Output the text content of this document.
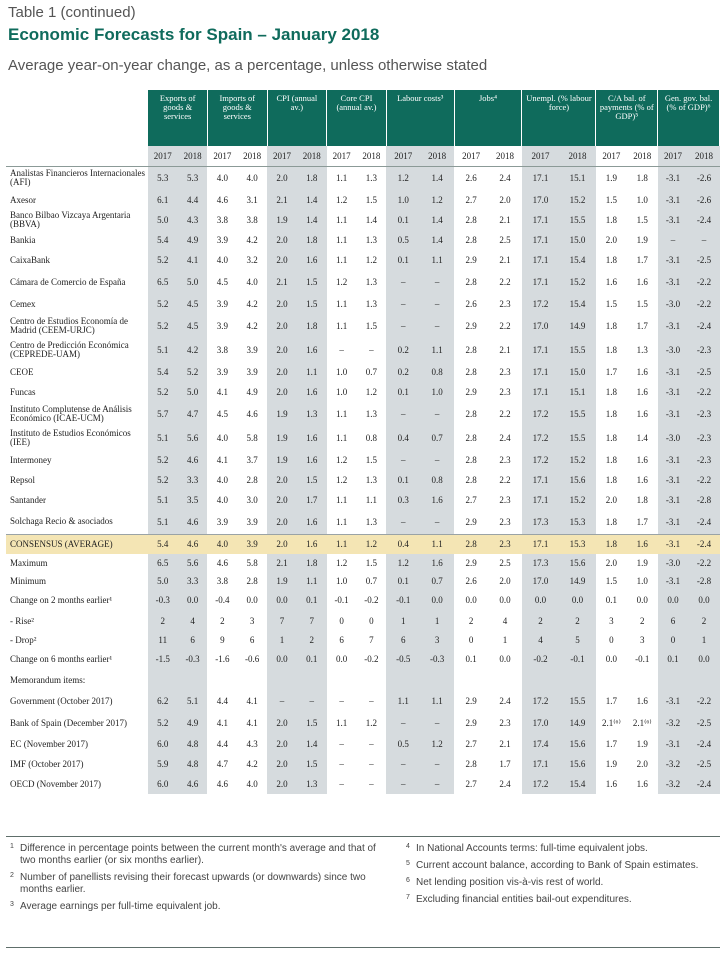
Table 1 (continued)
Economic Forecasts for Spain – January 2018
Average year-on-year change, as a percentage, unless otherwise stated
	Exports of goods & services		Imports of goods & services		CPI (annual av.)		Core CPI (annual av.)		Labour costs³		Jobs⁴		Unempl. (% labour force)		C/A bal. of payments (% of GDP)⁵		Gen. gov. bal. (% of GDP)⁶	
	2017	2018	2017	2018	2017	2018	2017	2018	2017	2018	2017	2018	2017	2018	2017	2018	2017	2018
Analistas Financieros Internacionales (AFI)	5.3	5.3	4.0	4.0	2.0	1.8	1.1	1.3	1.2	1.4	2.6	2.4	17.1	15.1	1.9	1.8	-3.1	-2.6
Axesor	6.1	4.4	4.6	3.1	2.1	1.4	1.2	1.5	1.0	1.2	2.7	2.0	17.0	15.2	1.5	1.0	-3.1	-2.6
Banco Bilbao Vizcaya Argentaria (BBVA)	5.0	4.3	3.8	3.8	1.9	1.4	1.1	1.4	0.1	1.4	2.8	2.1	17.1	15.5	1.8	1.5	-3.1	-2.4
Bankia	5.4	4.9	3.9	4.2	2.0	1.8	1.1	1.3	0.5	1.4	2.8	2.5	17.1	15.0	2.0	1.9	–	–
CaixaBank	5.2	4.1	4.0	3.2	2.0	1.6	1.1	1.2	0.1	1.1	2.9	2.1	17.1	15.4	1.8	1.7	-3.1	-2.5
Cámara de Comercio de España	6.5	5.0	4.5	4.0	2.1	1.5	1.2	1.3	–	–	2.8	2.2	17.1	15.2	1.6	1.6	-3.1	-2.2
Cemex	5.2	4.5	3.9	4.2	2.0	1.5	1.1	1.3	–	–	2.6	2.3	17.2	15.4	1.5	1.5	-3.0	-2.2
Centro de Estudios Economía de Madrid (CEEM-URJC)	5.2	4.5	3.9	4.2	2.0	1.8	1.1	1.5	–	–	2.9	2.2	17.0	14.9	1.8	1.7	-3.1	-2.4
Centro de Predicción Económica (CEPREDE-UAM)	5.1	4.2	3.8	3.9	2.0	1.6	–	–	0.2	1.1	2.8	2.1	17.1	15.5	1.8	1.3	-3.0	-2.3
CEOE	5.4	5.2	3.9	3.9	2.0	1.1	1.0	0.7	0.2	0.8	2.8	2.3	17.1	15.0	1.7	1.6	-3.1	-2.5
Funcas	5.2	5.0	4.1	4.9	2.0	1.6	1.0	1.2	0.1	1.0	2.9	2.3	17.1	15.1	1.8	1.6	-3.1	-2.2
Instituto Complutense de Análisis Económico (ICAE-UCM)	5.7	4.7	4.5	4.6	1.9	1.3	1.1	1.3	–	–	2.8	2.2	17.2	15.5	1.8	1.6	-3.1	-2.3
Instituto de Estudios Económicos (IEE)	5.1	5.6	4.0	5.8	1.9	1.6	1.1	0.8	0.4	0.7	2.8	2.4	17.2	15.5	1.8	1.4	-3.0	-2.3
Intermoney	5.2	4.6	4.1	3.7	1.9	1.6	1.2	1.5	–	–	2.8	2.3	17.2	15.2	1.8	1.6	-3.1	-2.3
Repsol	5.2	3.3	4.0	2.8	2.0	1.5	1.2	1.3	0.1	0.8	2.8	2.2	17.1	15.6	1.8	1.6	-3.1	-2.2
Santander	5.1	3.5	4.0	3.0	2.0	1.7	1.1	1.1	0.3	1.6	2.7	2.3	17.1	15.2	2.0	1.8	-3.1	-2.8
Solchaga Recio & asociados	5.1	4.6	3.9	3.9	2.0	1.6	1.1	1.3	–	–	2.9	2.3	17.3	15.3	1.8	1.7	-3.1	-2.4
CONSENSUS (AVERAGE)	5.4	4.6	4.0	3.9	2.0	1.6	1.1	1.2	0.4	1.1	2.8	2.3	17.1	15.3	1.8	1.6	-3.1	-2.4
Maximum	6.5	5.6	4.6	5.8	2.1	1.8	1.2	1.5	1.2	1.6	2.9	2.5	17.3	15.6	2.0	1.9	-3.0	-2.2
Minimum	5.0	3.3	3.8	2.8	1.9	1.1	1.0	0.7	0.1	0.7	2.6	2.0	17.0	14.9	1.5	1.0	-3.1	-2.8
Change on 2 months earlier¹	-0.3	0.0	-0.4	0.0	0.0	0.1	-0.1	-0.2	-0.1	0.0	0.0	0.0	0.0	0.0	0.1	0.0	0.0	0.0
- Rise²	2	4	2	3	7	7	0	0	1	1	2	4	2	2	3	2	6	2
- Drop²	11	6	9	6	1	2	6	7	6	3	0	1	4	5	0	3	0	1
Change on 6 months earlier¹	-1.5	-0.3	-1.6	-0.6	0.0	0.1	0.0	-0.2	-0.5	-0.3	0.1	0.0	-0.2	-0.1	0.0	-0.1	0.1	0.0
Memorandum items:																		
Government (October 2017)	6.2	5.1	4.4	4.1	–	–	–	–	1.1	1.1	2.9	2.4	17.2	15.5	1.7	1.6	-3.1	-2.2
Bank of Spain (December 2017)	5.2	4.9	4.1	4.1	2.0	1.5	1.1	1.2	–	–	2.9	2.3	17.0	14.9	2.1⁽⁶⁾	2.1⁽⁶⁾	-3.2	-2.5
EC (November 2017)	6.0	4.8	4.4	4.3	2.0	1.4	–	–	0.5	1.2	2.7	2.1	17.4	15.6	1.7	1.9	-3.1	-2.4
IMF (October 2017)	5.9	4.8	4.7	4.2	2.0	1.5	–	–	–	–	2.8	1.7	17.1	15.6	1.9	2.0	-3.2	-2.5
OECD (November 2017)	6.0	4.6	4.6	4.0	2.0	1.3	–	–	–	–	2.7	2.4	17.2	15.4	1.6	1.6	-3.2	-2.4
1 Difference in percentage points between the current month's average and that of two months earlier (or six months earlier).
2 Number of panellists revising their forecast upwards (or downwards) since two months earlier.
3 Average earnings per full-time equivalent job.
4 In National Accounts terms: full-time equivalent jobs.
5 Current account balance, according to Bank of Spain estimates.
6 Net lending position vis-à-vis rest of world.
7 Excluding financial entities bail-out expenditures.
